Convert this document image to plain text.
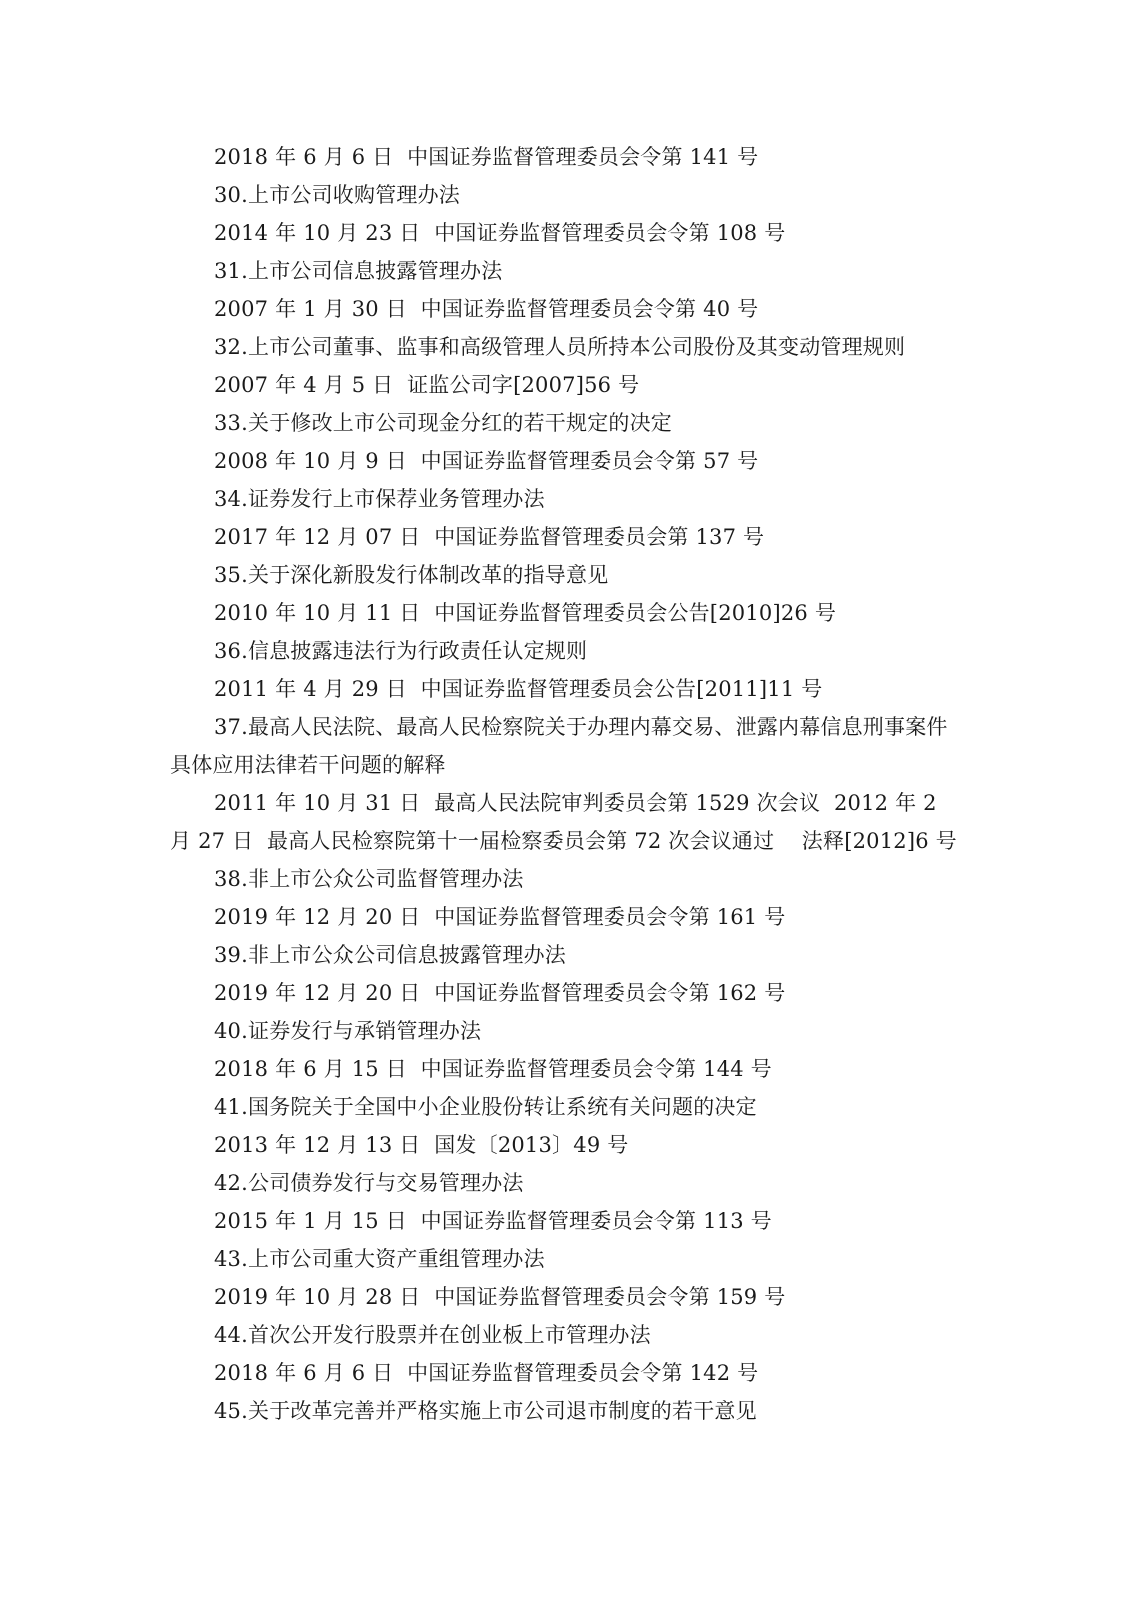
2018 年 6 月 6 日  中国证券监督管理委员会令第 141 号

30.上市公司收购管理办法

2014 年 10 月 23 日  中国证券监督管理委员会令第 108 号

31.上市公司信息披露管理办法

2007 年 1 月 30 日  中国证券监督管理委员会令第 40 号

32.上市公司董事、监事和高级管理人员所持本公司股份及其变动管理规则

2007 年 4 月 5 日  证监公司字[2007]56 号

33.关于修改上市公司现金分红的若干规定的决定

2008 年 10 月 9 日  中国证券监督管理委员会令第 57 号

34.证券发行上市保荐业务管理办法

2017 年 12 月 07 日  中国证券监督管理委员会第 137 号

35.关于深化新股发行体制改革的指导意见

2010 年 10 月 11 日  中国证券监督管理委员会公告[2010]26 号

36.信息披露违法行为行政责任认定规则

2011 年 4 月 29 日  中国证券监督管理委员会公告[2011]11 号

37.最高人民法院、最高人民检察院关于办理内幕交易、泄露内幕信息刑事案件具体应用法律若干问题的解释

2011 年 10 月 31 日  最高人民法院审判委员会第 1529 次会议  2012 年 2 月 27 日  最高人民检察院第十一届检察委员会第 72 次会议通过    法释[2012]6 号

38.非上市公众公司监督管理办法

2019 年 12 月 20 日  中国证券监督管理委员会令第 161 号

39.非上市公众公司信息披露管理办法

2019 年 12 月 20 日  中国证券监督管理委员会令第 162 号

40.证券发行与承销管理办法

2018 年 6 月 15 日  中国证券监督管理委员会令第 144 号

41.国务院关于全国中小企业股份转让系统有关问题的决定

2013 年 12 月 13 日  国发〔2013〕49 号

42.公司债券发行与交易管理办法

2015 年 1 月 15 日  中国证券监督管理委员会令第 113 号

43.上市公司重大资产重组管理办法

2019 年 10 月 28 日  中国证券监督管理委员会令第 159 号

44.首次公开发行股票并在创业板上市管理办法

2018 年 6 月 6 日  中国证券监督管理委员会令第 142 号

45.关于改革完善并严格实施上市公司退市制度的若干意见
